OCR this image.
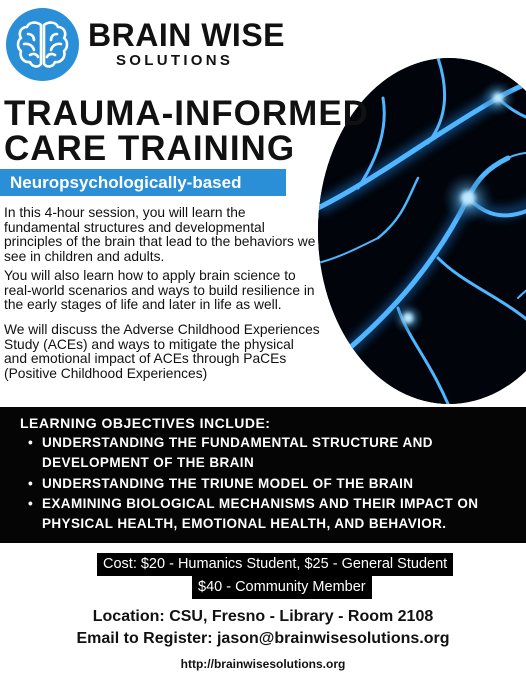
BRAIN WISE
SOLUTIONS
TRAUMA-INFORMED
CARE TRAINING
Neuropsychologically-based
In this 4-hour session, you will learn the fundamental structures and developmental principles of the brain that lead to the behaviors we see in children and adults.
You will also learn how to apply brain science to real-world scenarios and ways to build resilience in the early stages of life and later in life as well.
We will discuss the Adverse Childhood Experiences Study (ACEs) and ways to mitigate the physical and emotional impact of ACEs through PaCEs (Positive Childhood Experiences)
LEARNING OBJECTIVES INCLUDE:
• UNDERSTANDING THE FUNDAMENTAL STRUCTURE AND DEVELOPMENT OF THE BRAIN
• UNDERSTANDING THE TRIUNE MODEL OF THE BRAIN
• EXAMINING BIOLOGICAL MECHANISMS AND THEIR IMPACT ON PHYSICAL HEALTH, EMOTIONAL HEALTH, AND BEHAVIOR.
Cost: $20 - Humanics Student, $25 - General Student
$40 - Community Member
Location: CSU, Fresno - Library - Room 2108
Email to Register: jason@brainwisesolutions.org
http://brainwisesolutions.org
